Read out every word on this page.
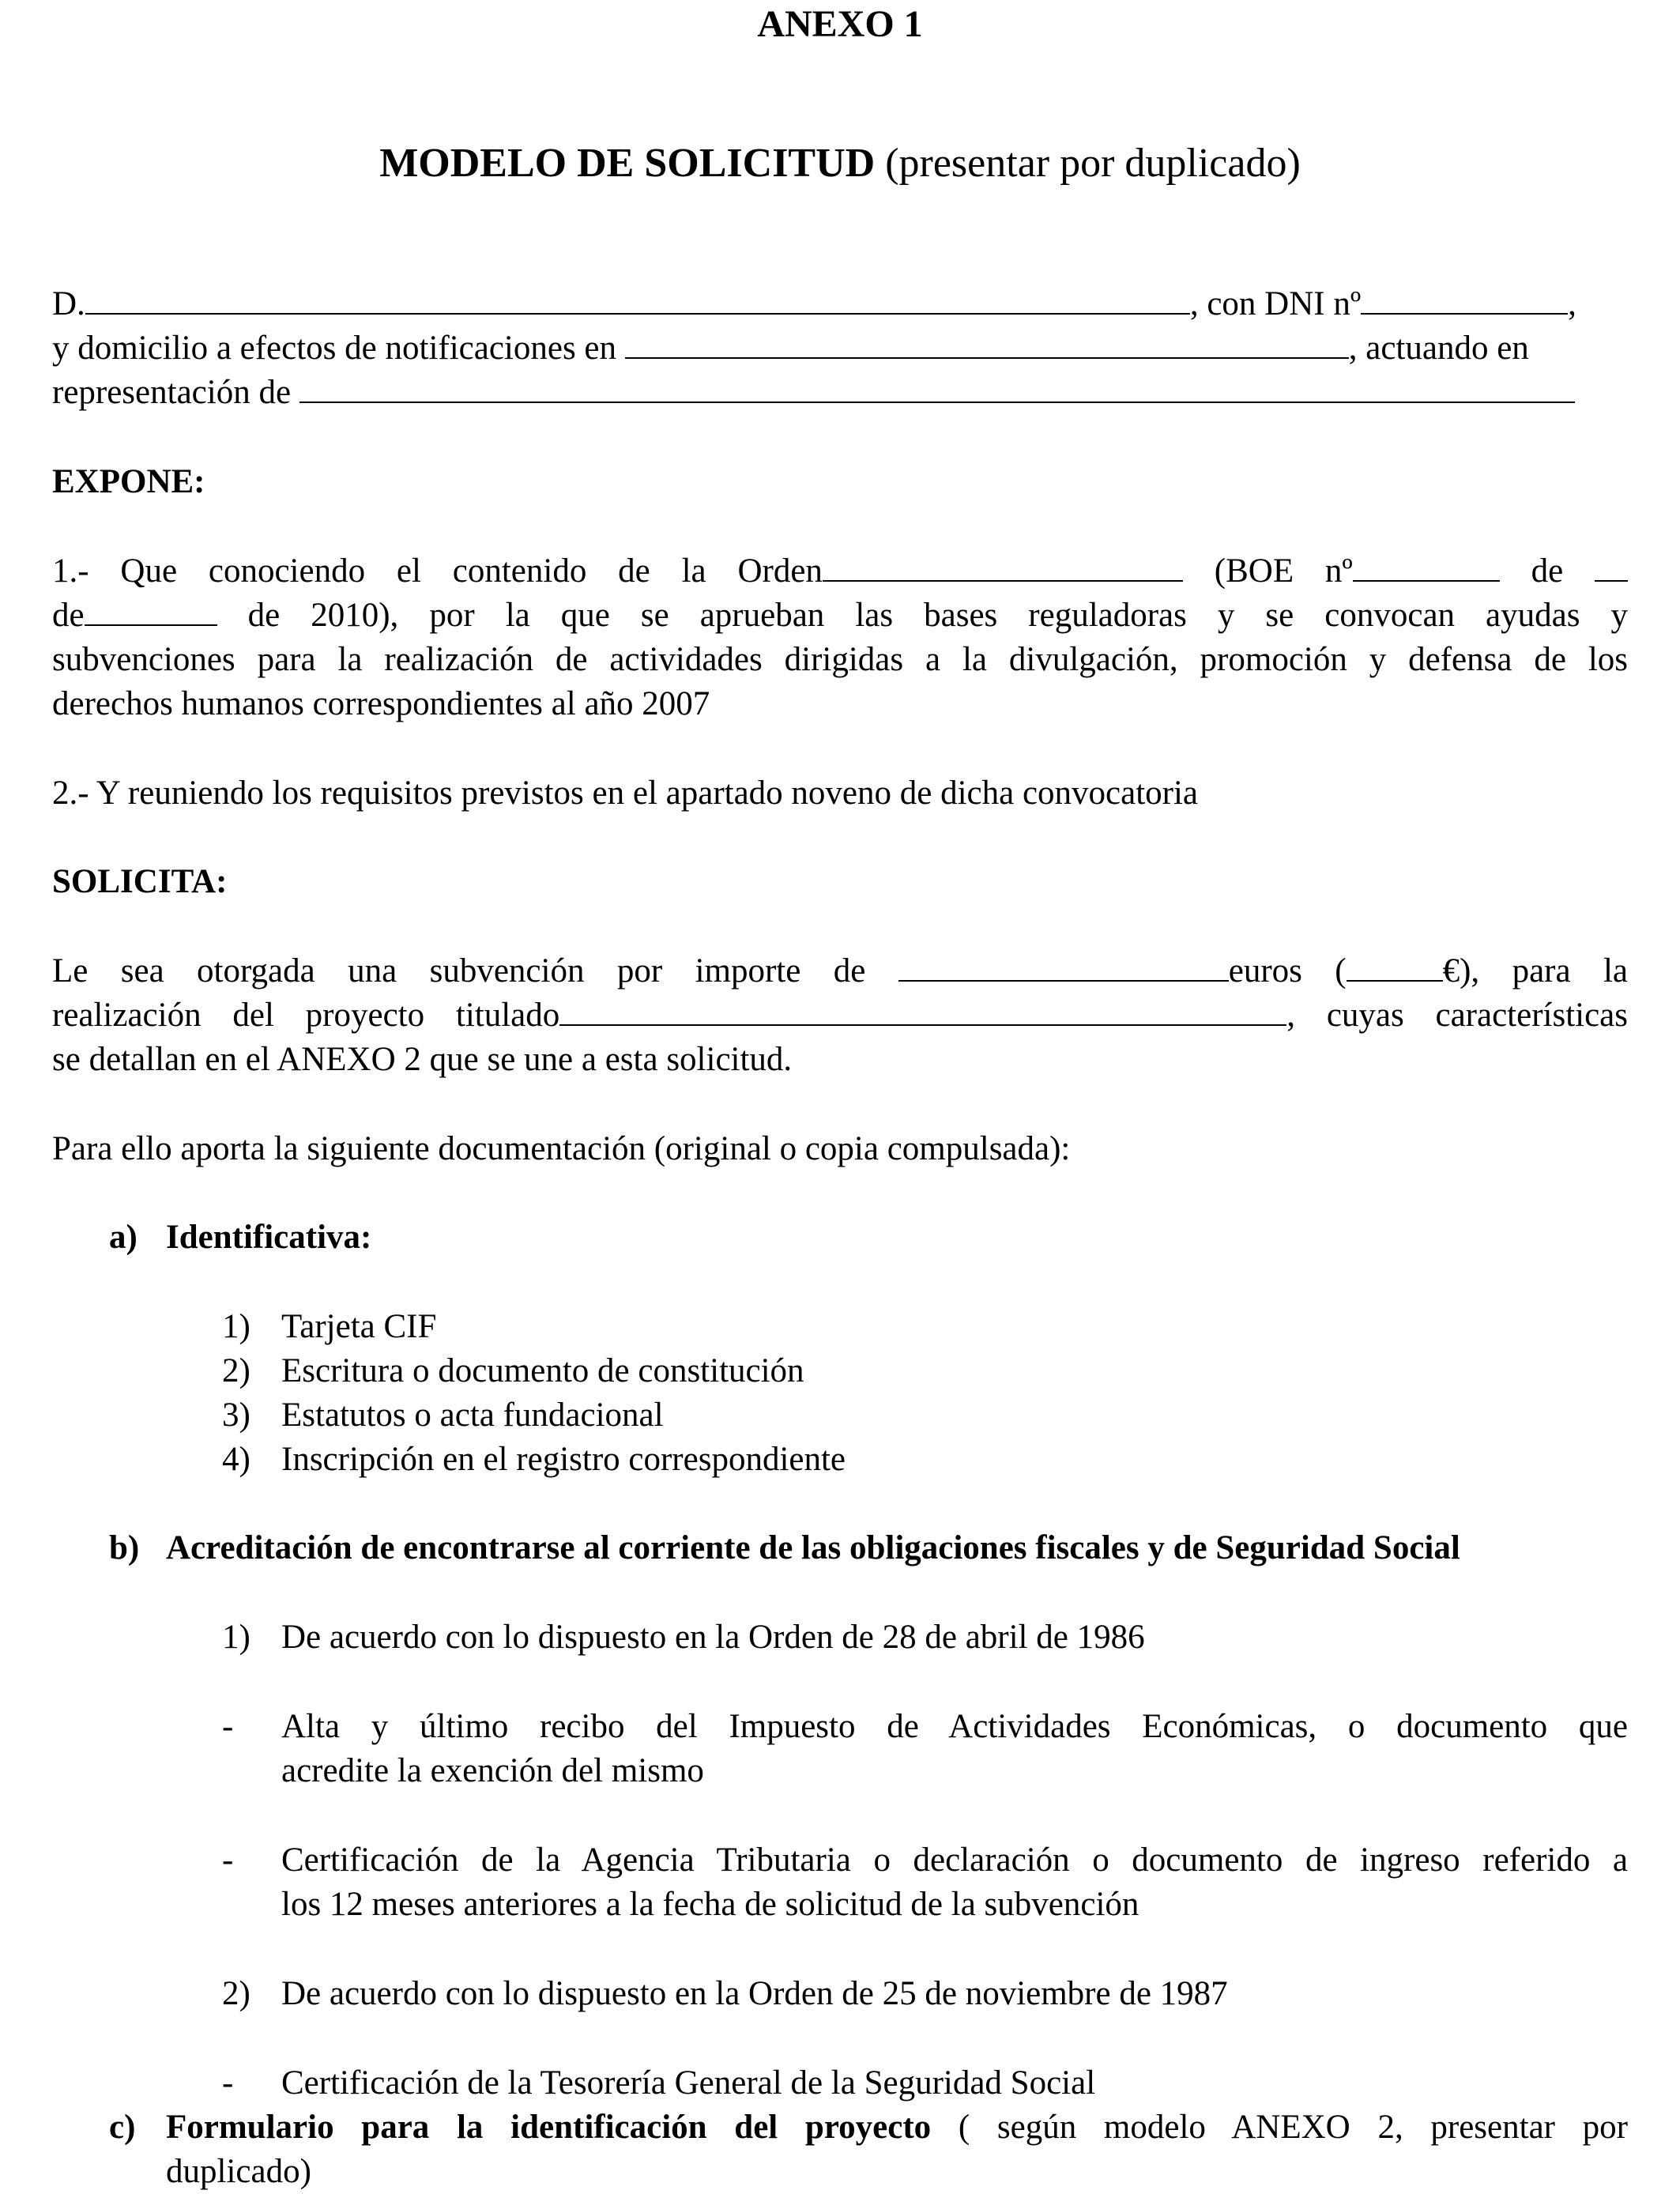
ANEXO 1
MODELO DE SOLICITUD (presentar por duplicado)
D.	, con DNI nº	,
y domicilio a efectos de notificaciones en	, actuando en
representación de
EXPONE:
1.- Que conociendo el contenido de la Orden	(BOE nº	de
de	de 2010), por la que se aprueban las bases reguladoras y se convocan ayudas y
subvenciones para la realización de actividades dirigidas a la divulgación, promoción y defensa de los
derechos humanos correspondientes al año 2007
2.- Y reuniendo los requisitos previstos en el apartado noveno de dicha convocatoria
SOLICITA:
Le sea otorgada una subvención por importe de	euros (	€), para la
realización del proyecto titulado	, cuyas características
se detallan en el ANEXO 2 que se une a esta solicitud.
Para ello aporta la siguiente documentación (original o copia compulsada):
a) Identificativa:
1) Tarjeta CIF
2) Escritura o documento de constitución
3) Estatutos o acta fundacional
4) Inscripción en el registro correspondiente
b) Acreditación de encontrarse al corriente de las obligaciones fiscales y de Seguridad Social
1) De acuerdo con lo dispuesto en la Orden de 28 de abril de 1986
- Alta y último recibo del Impuesto de Actividades Económicas, o documento que
acredite la exención del mismo
- Certificación de la Agencia Tributaria o declaración o documento de ingreso referido a
los 12 meses anteriores a la fecha de solicitud de la subvención
2) De acuerdo con lo dispuesto en la Orden de 25 de noviembre de 1987
- Certificación de la Tesorería General de la Seguridad Social
c) Formulario para la identificación del proyecto ( según modelo ANEXO 2, presentar por
duplicado)
